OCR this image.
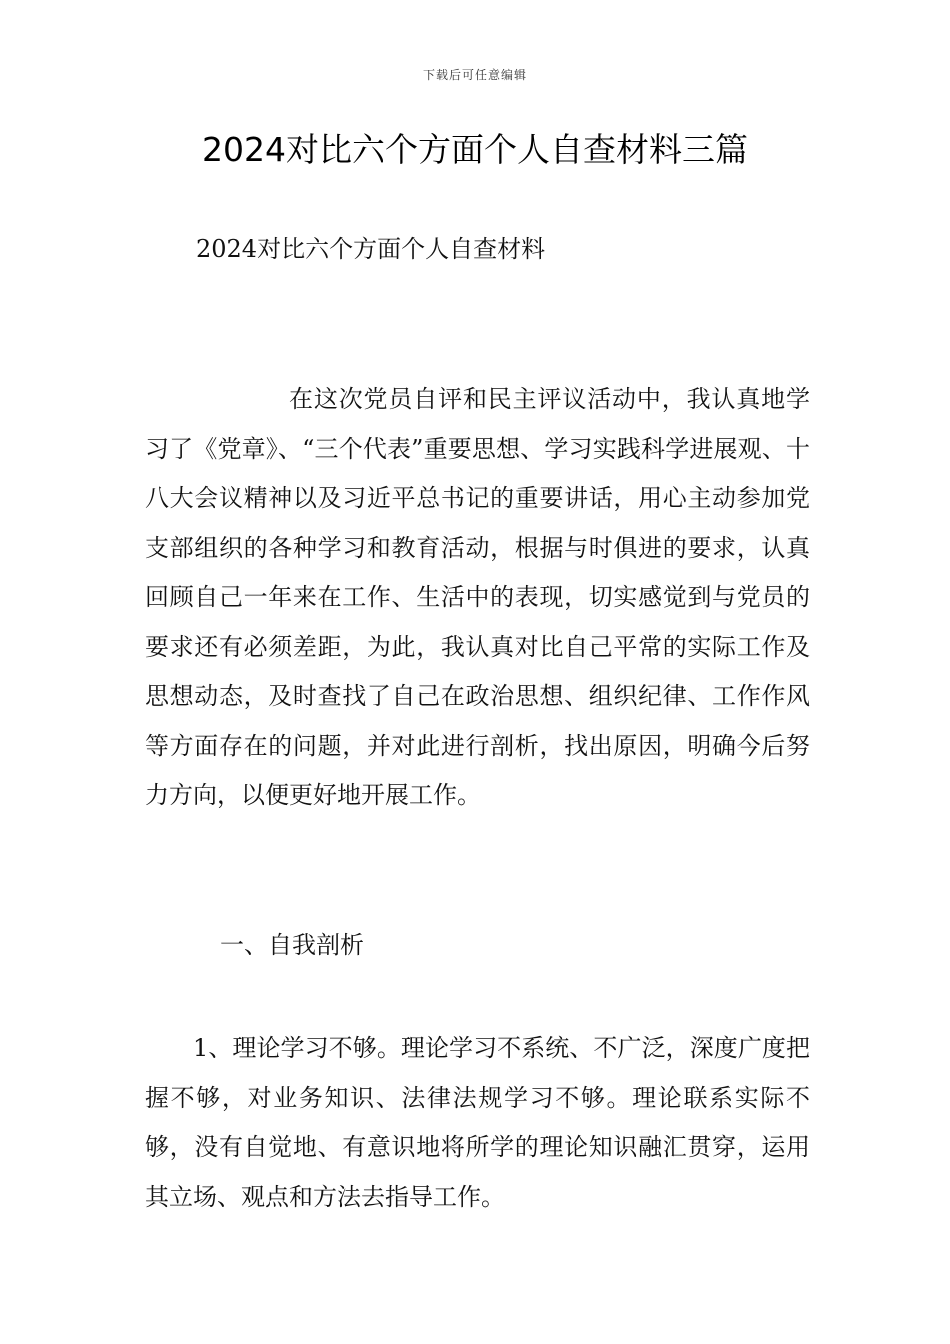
下载后可任意编辑
2024对比六个方面个人自查材料三篇

2024对比六个方面个人自查材料

在这次党员自评和民主评议活动中，我认真地学习了《党章》、“三个代表”重要思想、学习实践科学进展观、十八大会议精神以及习近平总书记的重要讲话，用心主动参加党支部组织的各种学习和教育活动，根据与时俱进的要求，认真回顾自己一年来在工作、生活中的表现，切实感觉到与党员的要求还有必须差距，为此，我认真对比自己平常的实际工作及思想动态，及时查找了自己在政治思想、组织纪律、工作作风等方面存在的问题，并对此进行剖析，找出原因，明确今后努力方向，以便更好地开展工作。

一、自我剖析

1、理论学习不够。理论学习不系统、不广泛，深度广度把握不够，对业务知识、法律法规学习不够。理论联系实际不够，没有自觉地、有意识地将所学的理论知识融汇贯穿，运用其立场、观点和方法去指导工作。
